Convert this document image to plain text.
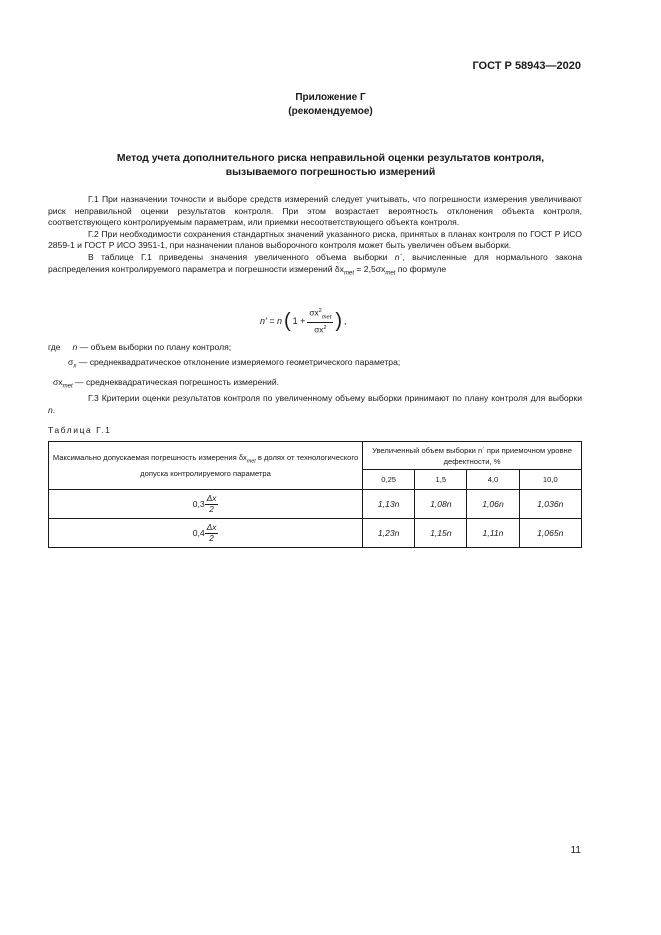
ГОСТ Р 58943—2020
Приложение Г
(рекомендуемое)
Метод учета дополнительного риска неправильной оценки результатов контроля,
вызываемого погрешностью измерений

Г.1 При назначении точности и выборе средств измерений следует учитывать, что погрешности измерения увеличивают риск неправильной оценки результатов контроля. При этом возрастает вероятность отклонения объекта контроля, соответствующего контролируемым параметрам, или приемки несоответствующего объекта контроля.

Г.2 При необходимости сохранения стандартных значений указанного риска, принятых в планах контроля по ГОСТ Р ИСО 2859-1 и ГОСТ Р ИСО 3951-1, при назначении планов выборочного контроля может быть увеличен объем выборки.

В таблице Г.1 приведены значения увеличенного объема выборки n´, вычисленные для нормального закона распределения контролируемого параметра и погрешности измерений $\delta x_{met} = 2,5\sigma x_{met}$ по формуле

n′ = n ( $1 + \frac{\sigma x^2_{met}}{\sigma x^2}$ ) ,
где n — объем выборки по плану контроля;
$\sigma_x$ — среднеквадратическое отклонение измеряемого геометрического параметра;
$\sigma x_{met}$ — среднеквадратическая погрешность измерений.

Г.3 Критерии оценки результатов контроля по увеличенному объему выборки принимают по плану контроля для выборки n.

Таблица Г.1
Максимально допускаемая погрешность измерения $\delta x_{met}$ в долях от технологического допуска контролируемого параметра	Увеличенный объем выборки n´ при приемочном уровне дефектности, %			
	0,25	1,5	4,0	10,0
$0,3 \frac{\Delta x}{2}$	1,13n	1,08n	1,06n	1,036n
$0,4 \frac{\Delta x}{2}$	1,23n	1,15n	1,11n	1,065n
11
